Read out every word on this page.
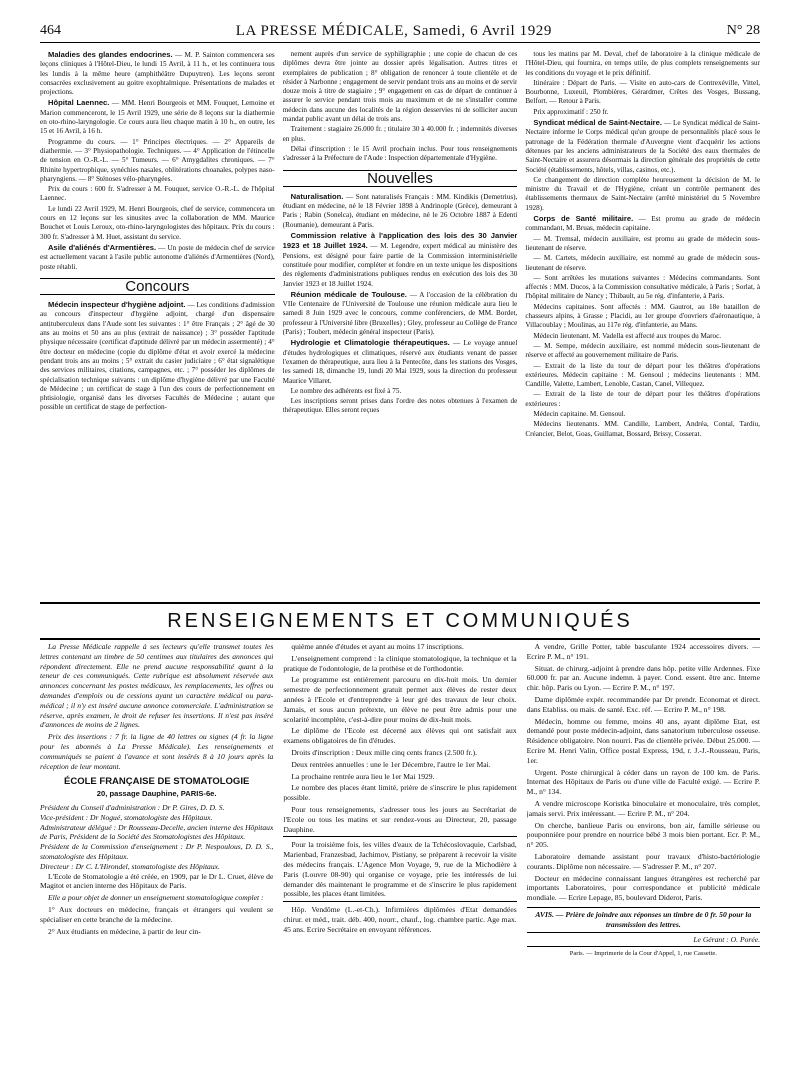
464	LA PRESSE MÉDICALE, Samedi, 6 Avril 1929	N° 28

Maladies des glandes endocrines. — M. P. Sainton commencera ses leçons cliniques à l'Hôtel-Dieu, le lundi 15 Avril, à 11 h., et les continuera tous les lundis à la même heure (amphithéâtre Dupuytren). Les leçons seront consacrées exclusivement au goitre exophtalmique. Présentations de malades et projections.

Hôpital Laennec. — MM. Henri Bourgeois et MM. Fouquet, Lemoine et Marion commenceront, le 15 Avril 1929, une série de 8 leçons sur la diathermie en oto-rhino-laryngologie. Ce cours aura lieu chaque matin à 10 h., en outre, les 15 et 16 Avril, à 16 h.

Programme du cours. — 1° Principes électriques. — 2° Appareils de diathermie. — 3° Physiopathologie. Techniques. — 4° Application de l'étincelle de tension en O.-R.-L. — 5° Tumeurs. — 6° Amygdalites chroniques. — 7° Rhinite hypertrophique, synéchies nasales, oblitérations choanales, polypes naso-pharyngiens. — 8° Sténoses vélo-pharyngées.

Prix du cours : 600 fr. S'adresser à M. Fouquet, service O.-R.-L. de l'hôpital Laennec.

Le lundi 22 Avril 1929, M. Henri Bourgeois, chef de service, commencera un cours en 12 leçons sur les sinusites avec la collaboration de MM. Maurice Bouchet et Louis Leroux, oto-rhino-laryngologistes des hôpitaux. Prix du cours : 300 fr. S'adresser à M. Huet, assistant du service.

Asile d'aliénés d'Armentières. — Un poste de médecin chef de service est actuellement vacant à l'asile public autonome d'aliénés d'Armentières (Nord), poste rétabli.

Concours

Médecin inspecteur d'hygiène adjoint. — Les conditions d'admission au concours d'inspecteur d'hygiène adjoint, chargé d'un dispensaire antituberculeux dans l'Aude sont les suivantes : 1° être Français ; 2° âgé de 30 ans au moins et 50 ans au plus (extrait de naissance) ; 3° posséder l'aptitude physique nécessaire (certificat d'aptitude délivré par un médecin assermenté) ; 4° être docteur en médecine (copie du diplôme d'état et avoir exercé la médecine pendant trois ans au moins ; 5° extrait du casier judiciaire ; 6° état signalétique des services militaires, citations, campagnes, etc. ; 7° posséder les diplômes de spécialisation technique suivants : un diplôme d'hygiène délivré par une Faculté de Médecine ; un certificat de stage à l'un des cours de perfectionnement en phtisiologie, organisé dans les diverses Facultés de Médecine ; autant que possible un certificat de stage de perfection-

nement auprès d'un service de syphiligraphie ; une copie de chacun de ces diplômes devra être jointe au dossier après légalisation. Autres titres et exemplaires de publication ; 8° obligation de renoncer à toute clientèle et de résider à Narbonne ; engagement de servir pendant trois ans au moins et de servir douze mois à titre de stagiaire ; 9° engagement en cas de départ de continuer à assurer le service pendant trois mois au maximum et de ne s'installer comme médecin dans aucune des localités de la région desservies ni de solliciter aucun mandat public avant un délai de trois ans.

Traitement : stagiaire 26.000 fr. ; titulaire 30 à 40.000 fr. ; indemnités diverses en plus.

Délai d'inscription : le 15 Avril prochain inclus. Pour tous renseignements s'adresser à la Préfecture de l'Aude : Inspection départementale d'Hygiène.

Nouvelles

Naturalisation. — Sont naturalisés Français : MM. Kindikis (Demetrius), étudiant en médecine, né le 18 Février 1898 à Andrinople (Grèce), demeurant à Paris ; Rabin (Sonelca), étudiant en médecine, né le 26 Octobre 1887 à Edenti (Roumanie), demeurant à Paris.

Commission relative à l'application des lois des 30 Janvier 1923 et 18 Juillet 1924. — M. Legendre, expert médical au ministère des Pensions, est désigné pour faire partie de la Commission interministérielle constituée pour modifier, compléter et fondre en un texte unique les dispositions des règlements d'administrations publiques rendus en exécution des lois des 30 Janvier 1923 et 18 Juillet 1924.

Réunion médicale de Toulouse. — A l'occasion de la célébration du VIIe Centenaire de l'Université de Toulouse une réunion médicale aura lieu le samedi 8 Juin 1929 avec le concours, comme conférenciers, de MM. Bordet, professeur à l'Université libre (Bruxelles) ; Gley, professeur au Collège de France (Paris) ; Toubert, médecin général inspecteur (Paris).

Hydrologie et Climatologie thérapeutiques. — Le voyage annuel d'études hydrologiques et climatiques, réservé aux étudiants venant de passer l'examen de thérapeutique, aura lieu à la Pentecôte, dans les stations des Vosges, les samedi 18, dimanche 19, lundi 20 Mai 1929, sous la direction du professeur Maurice Villaret.

Le nombre des adhérents est fixé à 75.

Les inscriptions seront prises dans l'ordre des notes obtenues à l'examen de thérapeutique. Elles seront reçues

tous les matins par M. Deval, chef de laboratoire à la clinique médicale de l'Hôtel-Dieu, qui fournira, en temps utile, de plus complets renseignements sur les conditions du voyage et le prix définitif.

Itinéraire : Départ de Paris. — Visite en auto-cars de Contrexéville, Vittel, Bourbonne, Luxeuil, Plombières, Gérardmer, Crêtes des Vosges, Bussang, Belfort. — Retour à Paris.

Prix approximatif : 250 fr.

Syndicat médical de Saint-Nectaire. — Le Syndicat médical de Saint-Nectaire informe le Corps médical qu'un groupe de personnalités placé sous le patronage de la Fédération thermale d'Auvergne vient d'acquérir les actions détenues par les anciens administrateurs de la Société des eaux thermales de Saint-Nectaire et assurera désormais la direction générale des propriétés de cette Société (établissements, hôtels, villas, casinos, etc.).

Ce changement de direction complète heureusement la décision de M. le ministre du Travail et de l'Hygiène, créant un contrôle permanent des établissements thermaux de Saint-Nectaire (arrêté ministériel du 5 Novembre 1928).

Corps de Santé militaire. — Est promu au grade de médecin commandant, M. Bruas, médecin capitaine.

— M. Tremsal, médecin auxiliaire, est promu au grade de médecin sous-lieutenant de réserve.

— M. Cartets, médecin auxiliaire, est nommé au grade de médecin sous-lieutenant de réserve.

— Sont arrêtées les mutations suivantes : Médecins commandants. Sont affectés : MM. Ducos, à la Commission consultative médicale, à Paris ; Sorlat, à l'hôpital militaire de Nancy ; Thibault, au 5e rég. d'infanterie, à Paris.

Médecins capitaines. Sont affectés : MM. Gautrot, au 18e bataillon de chasseurs alpins, à Grasse ; Placidi, au 1er groupe d'ouvriers d'aéronautique, à Villacoublay ; Moulinas, au 117e rég. d'infanterie, au Mans.

Médecin lieutenant. M. Vadella est affecté aux troupes du Maroc.

— M. Sempe, médecin auxiliaire, est nommé médecin sous-lieutenant de réserve et affecté au gouvernement militaire de Paris.

— Extrait de la liste du tour de départ pour les théâtres d'opérations extérieures. Médecin capitaine : M. Gensoul ; médecins lieutenants : MM. Candille, Valette, Lambert, Lenoble, Castan, Canel, Villequez.

— Extrait de la liste de tour de départ pour les théâtres d'opérations extérieures :

Médecin capitaine. M. Gensoul.

Médecins lieutenants. MM. Candille, Lambert, Andréa, Contal, Tardiu, Créancier, Belot, Goas, Guillamat, Bossard, Brissy, Cosserat.

RENSEIGNEMENTS ET COMMUNIQUÉS

La Presse Médicale rappelle à ses lecteurs qu'elle transmet toutes les lettres contenant un timbre de 50 centimes aux titulaires des annonces qui répondent directement. Elle ne prend aucune responsabilité quant à la teneur de ces communiqués. Cette rubrique est absolument réservée aux annonces concernant les postes médicaux, les remplacements, les offres ou demandes d'emplois ou de cessions ayant un caractère médical ou para-médical ; il n'y est inséré aucune annonce commerciale. L'administration se réserve, après examen, le droit de refuser les insertions. Il n'est pas inséré d'annonces de moins de 2 lignes.

Prix des insertions : 7 fr. la ligne de 40 lettres ou signes (4 fr. la ligne pour les abonnés à La Presse Médicale). Les renseignements et communiqués se paient à l'avance et sont insérés 8 à 10 jours après la réception de leur montant.

ÉCOLE FRANÇAISE DE STOMATOLOGIE
20, passage Dauphine, PARIS-6e.

Président du Conseil d'administration : Dr P. Gires, D. D. S.

Vice-président : Dr Nogué, stomatologiste des Hôpitaux.

Administrateur délégué : Dr Rousseau-Decelle, ancien interne des Hôpitaux de Paris, Président de la Société des Stomatologistes des Hôpitaux.

Président de la Commission d'enseignement : Dr P. Nespoulous, D. D. S., stomatologiste des Hôpitaux.

Directeur : Dr C. L'Hirondel, stomatologiste des Hôpitaux.

L'Ecole de Stomatologie a été créée, en 1909, par le Dr L. Cruet, élève de Magitot et ancien interne des Hôpitaux de Paris.

Elle a pour objet de donner un enseignement stomatologique complet :

1° Aux docteurs en médecine, français et étrangers qui veulent se spécialiser en cette branche de la médecine.

2° Aux étudiants en médecine, à partir de leur cin-

quième année d'études et ayant au moins 17 inscriptions.

L'enseignement comprend : la clinique stomatologique, la technique et la pratique de l'odontologie, de la prothèse et de l'orthodontie.

Le programme est entièrement parcouru en dix-huit mois. Un dernier semestre de perfectionnement gratuit permet aux élèves de rester deux années à l'Ecole et d'entreprendre à leur gré des travaux de leur choix. Jamais, et sous aucun prétexte, un élève ne peut être admis pour une scolarité incomplète, c'est-à-dire pour moins de dix-huit mois.

Le diplôme de l'Ecole est décerné aux élèves qui ont satisfait aux examens obligatoires de fin d'études.

Droits d'inscription : Deux mille cinq cents francs (2.500 fr.).

Deux rentrées annuelles : une le 1er Décembre, l'autre le 1er Mai.

La prochaine rentrée aura lieu le 1er Mai 1929.

Le nombre des places étant limité, prière de s'inscrire le plus rapidement possible.

Pour tous renseignements, s'adresser tous les jours au Secrétariat de l'Ecole ou tous les matins et sur rendez-vous au Directeur, 20, passage Dauphine.

Pour la troisième fois, les villes d'eaux de la Tchécoslovaquie, Carlsbad, Marienbad, Franzesbad, Jachimov, Pistiany, se préparent à recevoir la visite des médecins français. L'Agence Mon Voyage, 9, rue de la Michodière à Paris (Louvre 08-90) qui organise ce voyage, prie les intéressés de lui demander dès maintenant le programme et de s'inscrire le plus rapidement possible, les places étant limitées.

Hôp. Vendôme (L.-et-Ch.). Infirmières diplômées d'Etat demandées chirur. et méd., trait. déb. 400, nourr., chauf., log. chambre partic. Age max. 45 ans. Ecrire Secrétaire en envoyant références.

A vendre, Grille Potter, table basculante 1924 accessoires divers. — Ecrire P. M., n° 191.

Situat. de chirurg.-adjoint à prendre dans hôp. petite ville Ardennes. Fixe 60.000 fr. par an. Aucune indemn. à payer. Cond. essent. être anc. Interne chir. hôp. Paris ou Lyon. — Ecrire P. M., n° 197.

Dame diplômée expér. recommandée par Dr prendr. Economat et direct. dans Etabliss. ou mais. de santé. Exc. réf. — Ecrire P. M., n° 198.

Médecin, homme ou femme, moins 40 ans, ayant diplôme Etat, est demandé pour poste médecin-adjoint, dans sanatorium tuberculose osseuse. Résidence obligatoire. Non nourri. Pas de clientèle privée. Début 25.000. — Ecrire M. Henri Valin, Office postal Express, 19d, r. J.-J.-Rousseau, Paris, 1er.

Urgent. Poste chirurgical à céder dans un rayon de 100 km. de Paris. Internat des Hôpitaux de Paris ou d'une ville de Faculté exigé. — Ecrire P. M., n° 134.

A vendre microscope Koristka binoculaire et monoculaire, très complet, jamais servi. Prix intéressant. — Ecrire P. M., n° 204.

On cherche, banlieue Paris ou environs, bon air, famille sérieuse ou pouponnière pour prendre en nourrice bébé 3 mois bien portant. Ecr. P. M., n° 205.

Laboratoire demande assistant pour travaux d'histo-bactériologie courants. Diplôme non nécessaire. — S'adresser P. M., n° 207.

Docteur en médecine connaissant langues étrangères est recherché par importants Laboratoires, pour correspondance et publicité médicale mondiale. — Ecrire Lepage, 85, boulevard Diderot, Paris.

AVIS. — Prière de joindre aux réponses un timbre de 0 fr. 50 pour la transmission des lettres.
Le Gérant : O. Porée.
Paris. — Imprimerie de la Cour d'Appel, 1, rue Cassette.
